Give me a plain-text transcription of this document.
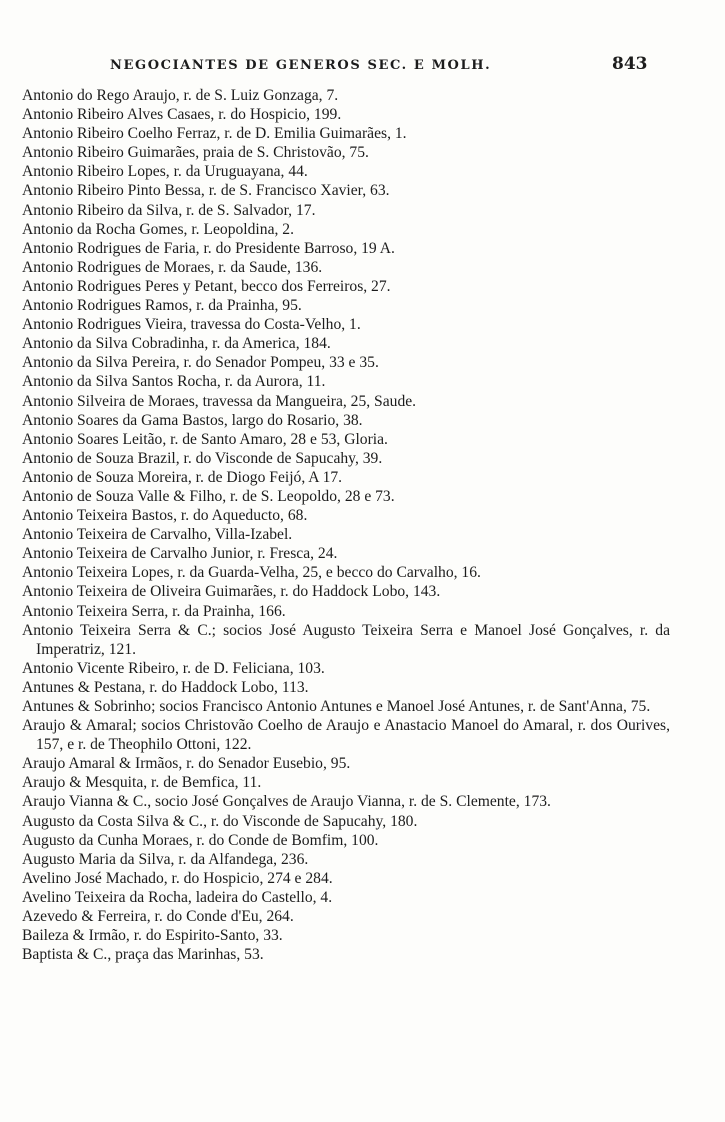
NEGOCIANTES DE GENEROS SEC. E MOLH.	843

Antonio do Rego Araujo, r. de S. Luiz Gonzaga, 7.

Antonio Ribeiro Alves Casaes, r. do Hospicio, 199.

Antonio Ribeiro Coelho Ferraz, r. de D. Emilia Guimarães, 1.

Antonio Ribeiro Guimarães, praia de S. Christovão, 75.

Antonio Ribeiro Lopes, r. da Uruguayana, 44.

Antonio Ribeiro Pinto Bessa, r. de S. Francisco Xavier, 63.

Antonio Ribeiro da Silva, r. de S. Salvador, 17.

Antonio da Rocha Gomes, r. Leopoldina, 2.

Antonio Rodrigues de Faria, r. do Presidente Barroso, 19 A.

Antonio Rodrigues de Moraes, r. da Saude, 136.

Antonio Rodrigues Peres y Petant, becco dos Ferreiros, 27.

Antonio Rodrigues Ramos, r. da Prainha, 95.

Antonio Rodrigues Vieira, travessa do Costa-Velho, 1.

Antonio da Silva Cobradinha, r. da America, 184.

Antonio da Silva Pereira, r. do Senador Pompeu, 33 e 35.

Antonio da Silva Santos Rocha, r. da Aurora, 11.

Antonio Silveira de Moraes, travessa da Mangueira, 25, Saude.

Antonio Soares da Gama Bastos, largo do Rosario, 38.

Antonio Soares Leitão, r. de Santo Amaro, 28 e 53, Gloria.

Antonio de Souza Brazil, r. do Visconde de Sapucahy, 39.

Antonio de Souza Moreira, r. de Diogo Feijó, A 17.

Antonio de Souza Valle & Filho, r. de S. Leopoldo, 28 e 73.

Antonio Teixeira Bastos, r. do Aqueducto, 68.

Antonio Teixeira de Carvalho, Villa-Izabel.

Antonio Teixeira de Carvalho Junior, r. Fresca, 24.

Antonio Teixeira Lopes, r. da Guarda-Velha, 25, e becco do Carvalho, 16.

Antonio Teixeira de Oliveira Guimarães, r. do Haddock Lobo, 143.

Antonio Teixeira Serra, r. da Prainha, 166.

Antonio Teixeira Serra & C.; socios José Augusto Teixeira Serra e Manoel José Gonçalves, r. da Imperatriz, 121.

Antonio Vicente Ribeiro, r. de D. Feliciana, 103.

Antunes & Pestana, r. do Haddock Lobo, 113.

Antunes & Sobrinho; socios Francisco Antonio Antunes e Manoel José Antunes, r. de Sant'Anna, 75.

Araujo & Amaral; socios Christovão Coelho de Araujo e Anastacio Manoel do Amaral, r. dos Ourives, 157, e r. de Theophilo Ottoni, 122.

Araujo Amaral & Irmãos, r. do Senador Eusebio, 95.

Araujo & Mesquita, r. de Bemfica, 11.

Araujo Vianna & C., socio José Gonçalves de Araujo Vianna, r. de S. Clemente, 173.

Augusto da Costa Silva & C., r. do Visconde de Sapucahy, 180.

Augusto da Cunha Moraes, r. do Conde de Bomfim, 100.

Augusto Maria da Silva, r. da Alfandega, 236.

Avelino José Machado, r. do Hospicio, 274 e 284.

Avelino Teixeira da Rocha, ladeira do Castello, 4.

Azevedo & Ferreira, r. do Conde d'Eu, 264.

Baileza & Irmão, r. do Espirito-Santo, 33.

Baptista & C., praça das Marinhas, 53.
